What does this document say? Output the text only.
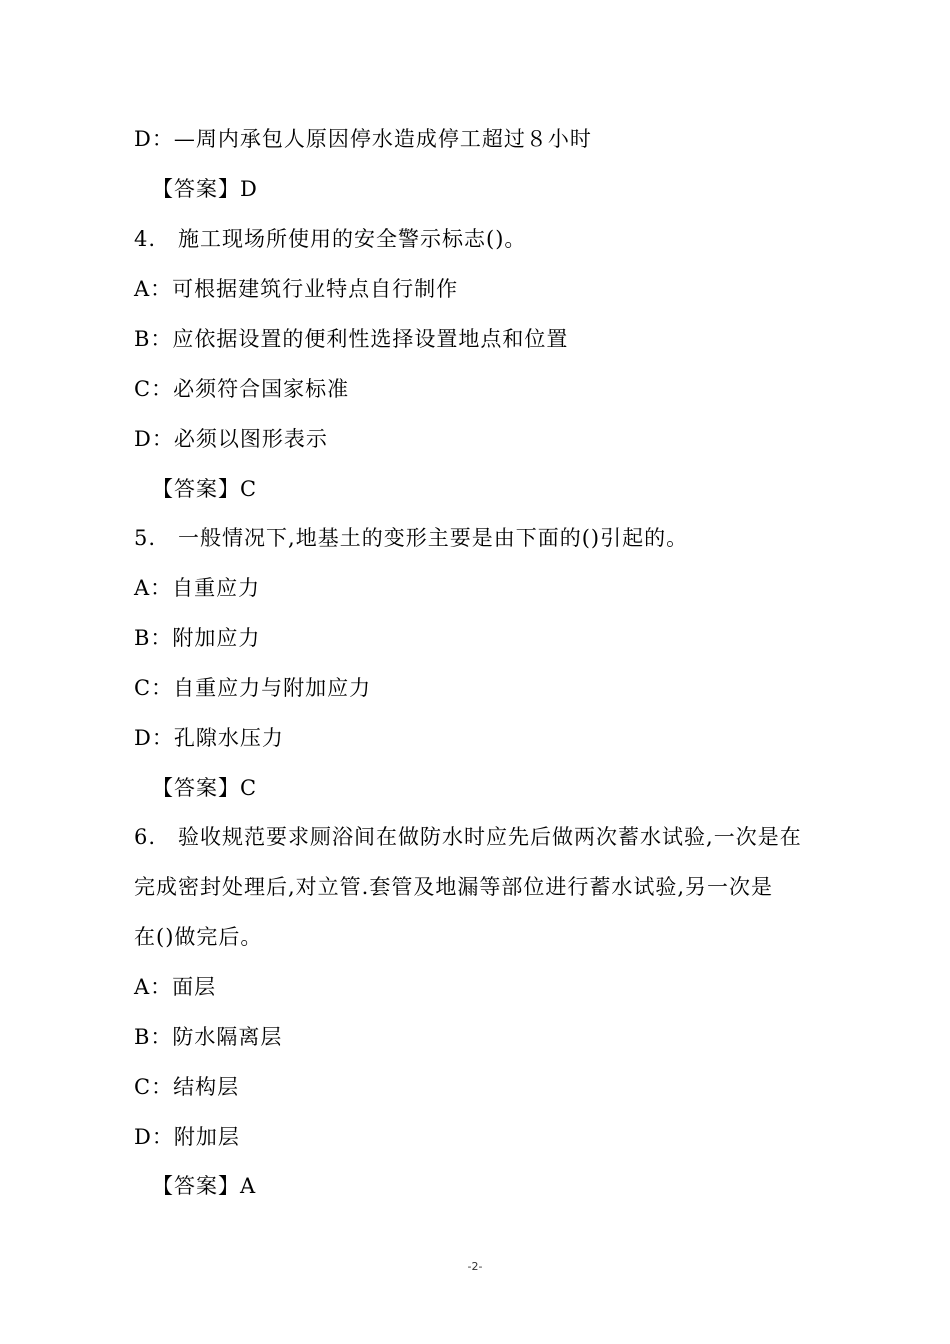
D：—周内承包人原因停水造成停工超过８小时
【答案】D
4.　施工现场所使用的安全警示标志()。
A：可根据建筑行业特点自行制作
B：应依据设置的便利性选择设置地点和位置
C：必须符合国家标准
D：必须以图形表示
【答案】C
5.　一般情况下,地基土的变形主要是由下面的()引起的。
A：自重应力
B：附加应力
C：自重应力与附加应力
D：孔隙水压力
【答案】C
6.　验收规范要求厕浴间在做防水时应先后做两次蓄水试验,一次是在
完成密封处理后,对立管.套管及地漏等部位进行蓄水试验,另一次是
在()做完后。
A：面层
B：防水隔离层
C：结构层
D：附加层
【答案】A
-2-
